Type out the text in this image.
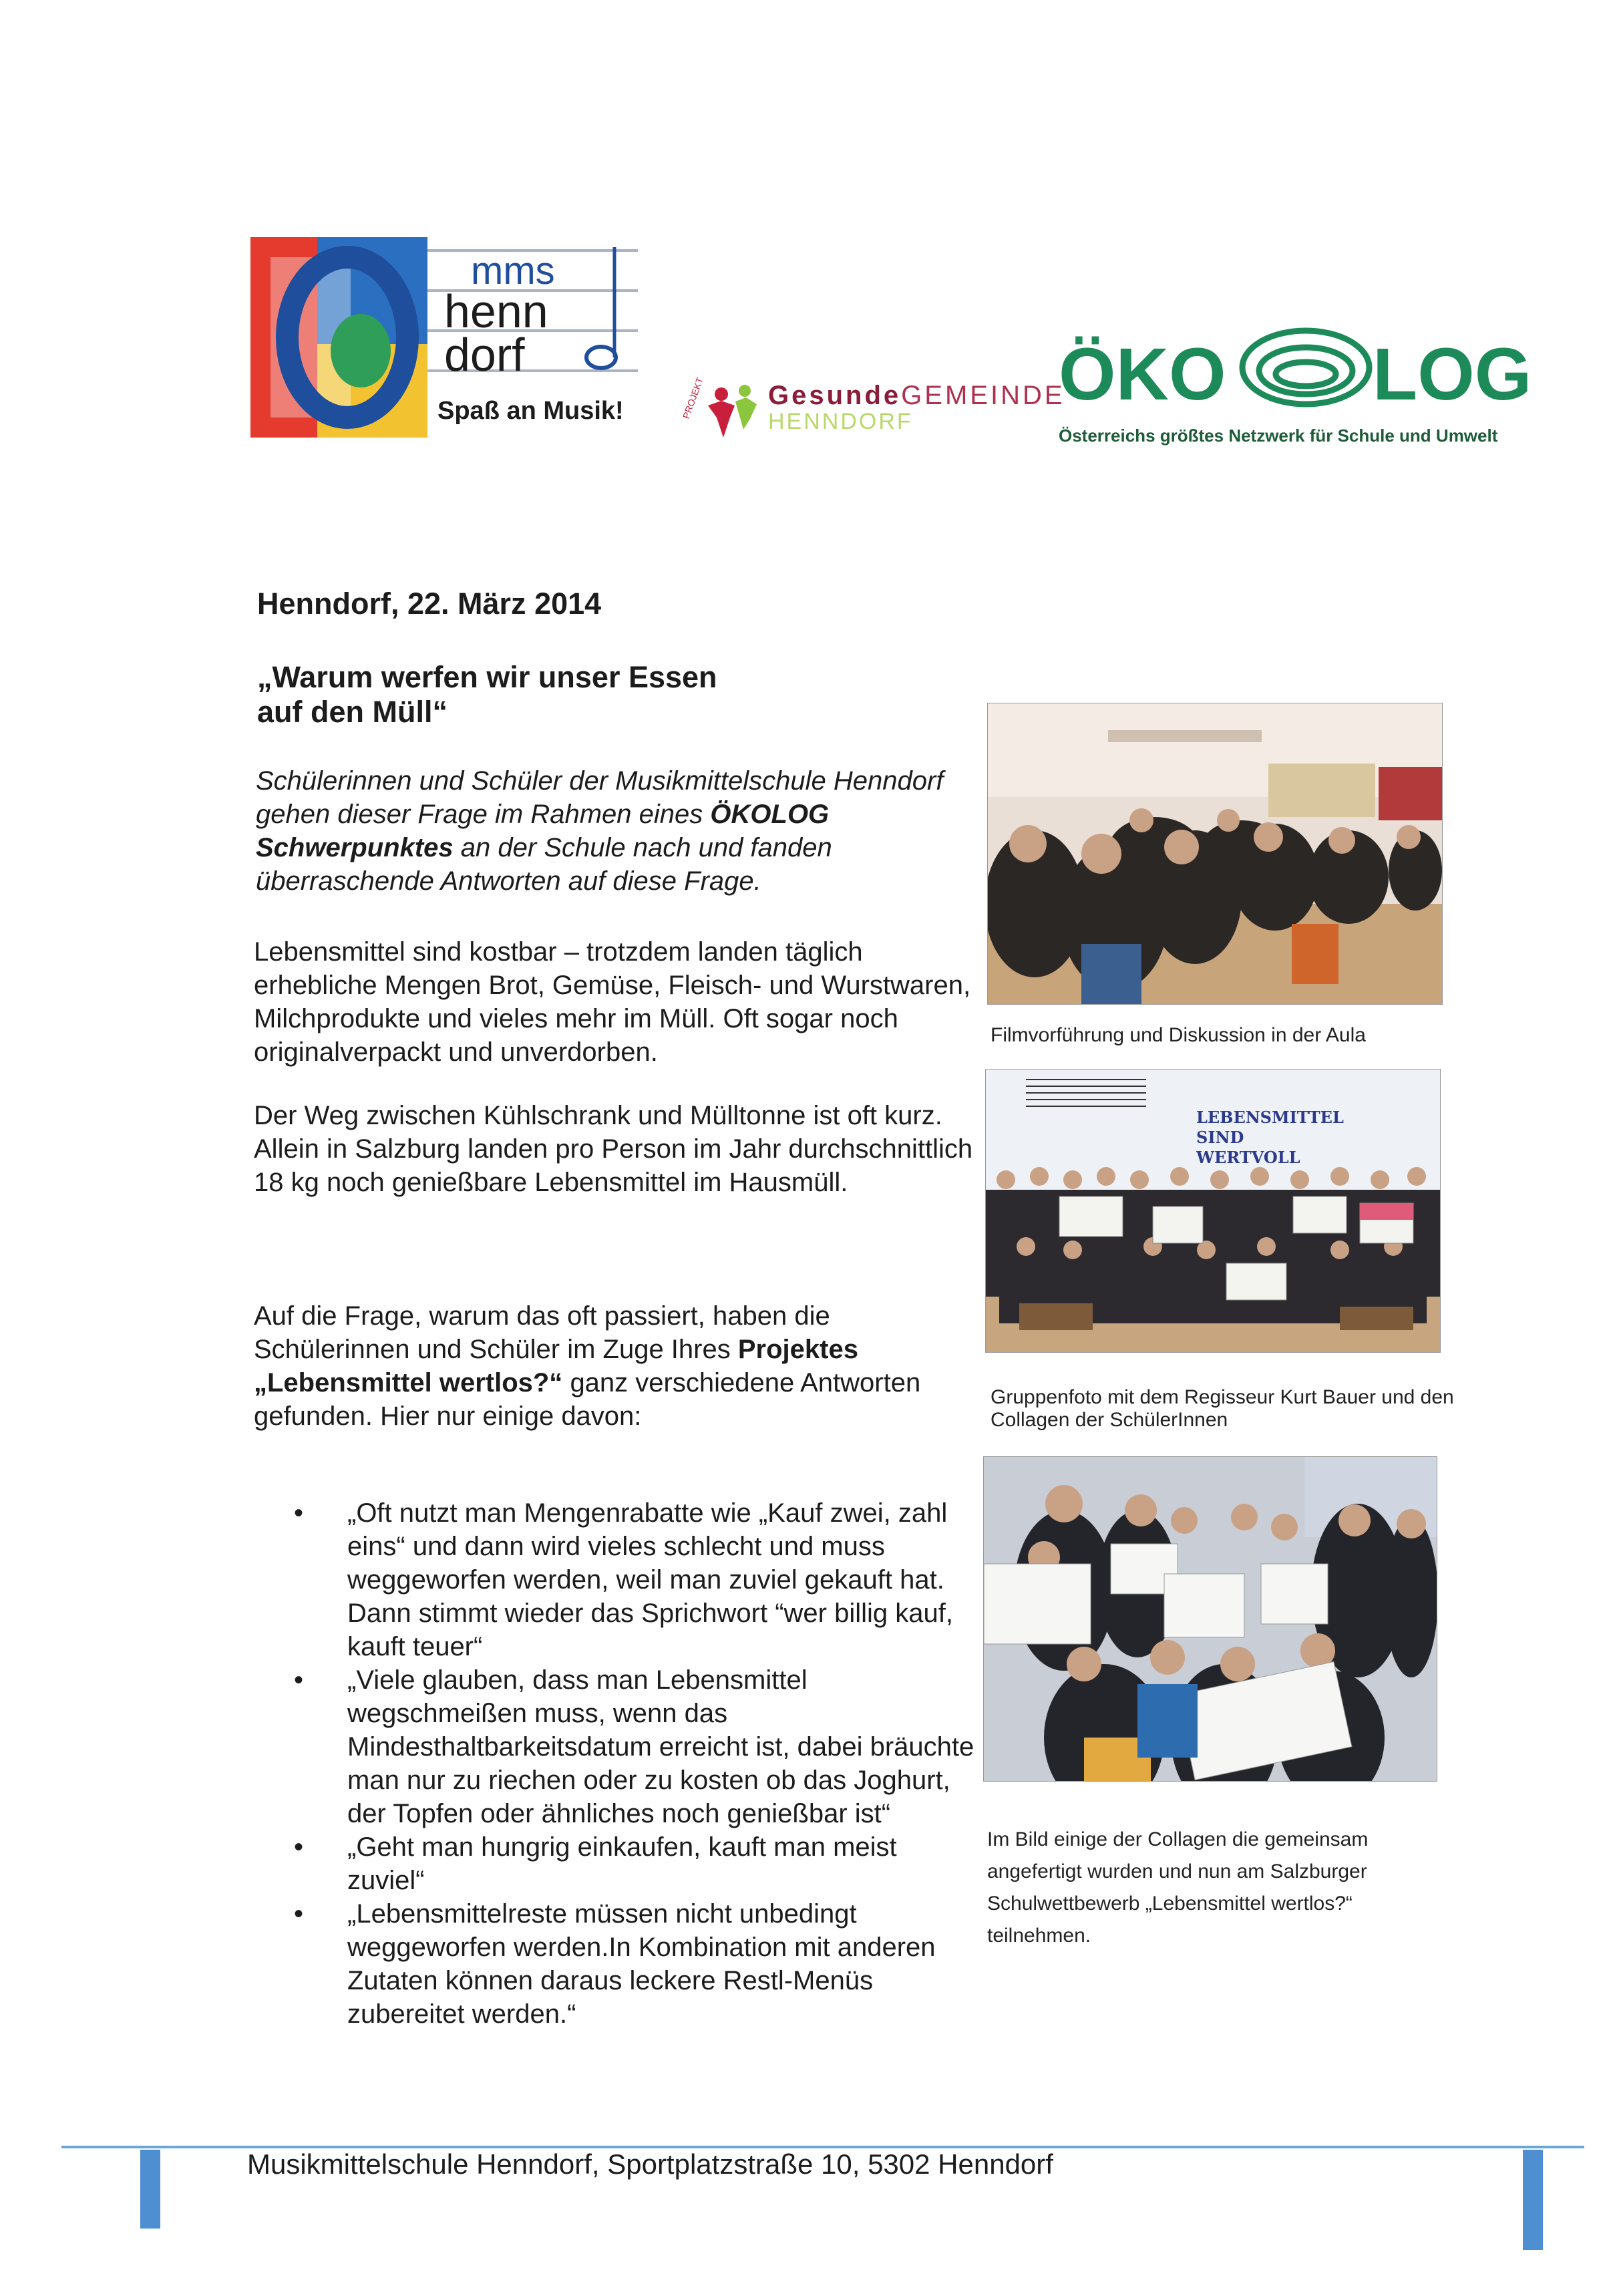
mms
henn
dorf
Spaß an Musik!	PROJEKT GesundeGEMEINDE
HENNDORF
ÖKO LOG
Österreichs größtes Netzwerk für Schule und Umwelt
Henndorf, 22. März 2014
„Warum werfen wir unser Essen
auf den Müll“
Schülerinnen und Schüler der Musikmittelschule Henndorf gehen dieser Frage im Rahmen eines ÖKOLOG Schwerpunktes an der Schule nach und fanden überraschende Antworten auf diese Frage.
Lebensmittel sind kostbar – trotzdem landen täglich erhebliche Mengen Brot, Gemüse, Fleisch- und Wurstwaren, Milchprodukte und vieles mehr im Müll. Oft sogar noch originalverpackt und unverdorben.
Der Weg zwischen Kühlschrank und Mülltonne ist oft kurz. Allein in Salzburg landen pro Person im Jahr durchschnittlich 18 kg noch genießbare Lebensmittel im Hausmüll.
Auf die Frage, warum das oft passiert, haben die Schülerinnen und Schüler im Zuge Ihres Projektes „Lebensmittel wertlos?“ ganz verschiedene Antworten gefunden. Hier nur einige davon:
• „Oft nutzt man Mengenrabatte wie „Kauf zwei, zahl eins“ und dann wird vieles schlecht und muss weggeworfen werden, weil man zuviel gekauft hat. Dann stimmt wieder das Sprichwort “wer billig kauf, kauft teuer“
• „Viele glauben, dass man Lebensmittel wegschmeißen muss, wenn das Mindesthaltbarkeitsdatum erreicht ist, dabei bräuchte man nur zu riechen oder zu kosten ob das Joghurt, der Topfen oder ähnliches noch genießbar ist“
• „Geht man hungrig einkaufen, kauft man meist zuviel“
• „Lebensmittelreste müssen nicht unbedingt weggeworfen werden.In Kombination mit anderen Zutaten können daraus leckere Restl-Menüs zubereitet werden.“
Filmvorführung und Diskussion in der Aula
LEBENSMITTEL
SIND
WERTVOLL
Gruppenfoto mit dem Regisseur Kurt Bauer und den Collagen der SchülerInnen
Im Bild einige der Collagen die gemeinsam angefertigt wurden und nun am Salzburger Schulwettbewerb „Lebensmittel wertlos?“ teilnehmen.
Musikmittelschule Henndorf, Sportplatzstraße 10, 5302 Henndorf
